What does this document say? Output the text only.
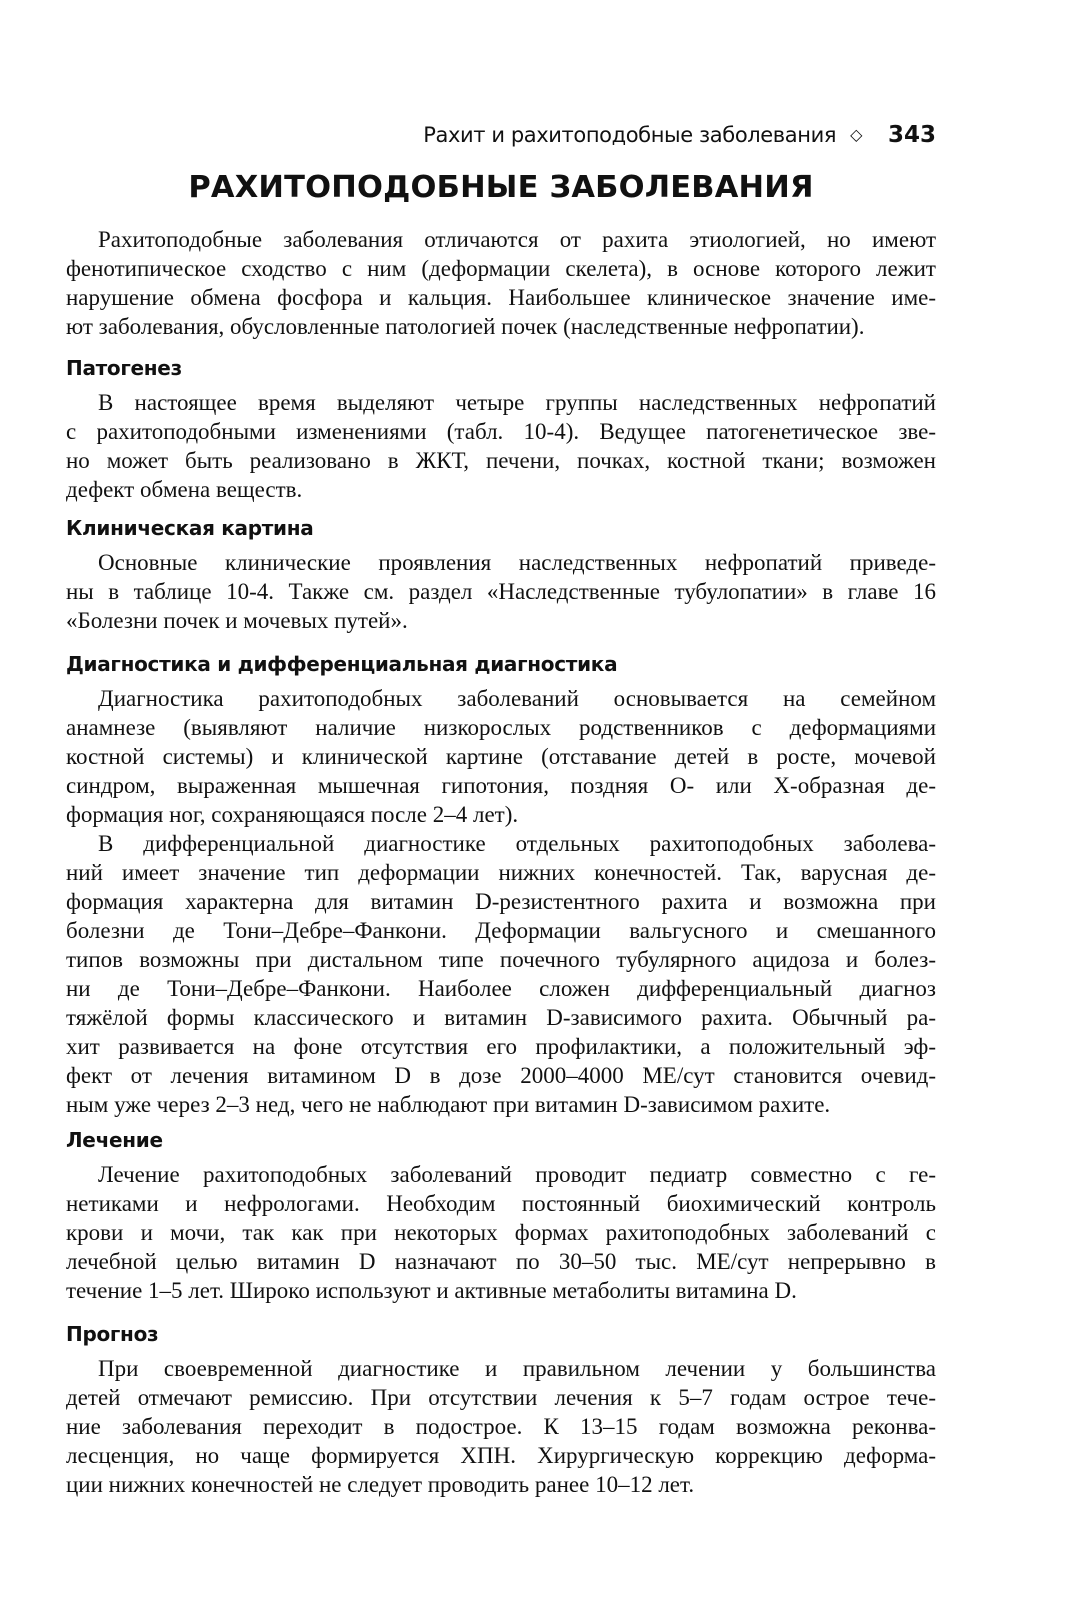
Рахит и рахитоподобные заболевания ◇ 343
РАХИТОПОДОБНЫЕ ЗАБОЛЕВАНИЯ

Рахитоподобные заболевания отличаются от рахита этиологией, но имеют
фенотипическое сходство с ним (деформации скелета), в основе которого лежит
нарушение обмена фосфора и кальция. Наибольшее клиническое значение име-
ют заболевания, обусловленные патологией почек (наследственные нефропатии).

Патогенез

В настоящее время выделяют четыре группы наследственных нефропатий
с рахитоподобными изменениями (табл. 10-4). Ведущее патогенетическое зве-
но может быть реализовано в ЖКТ, печени, почках, костной ткани; возможен
дефект обмена веществ.

Клиническая картина

Основные клинические проявления наследственных нефропатий приведе-
ны в таблице 10-4. Также см. раздел «Наследственные тубулопатии» в главе 16
«Болезни почек и мочевых путей».

Диагностика и дифференциальная диагностика

Диагностика рахитоподобных заболеваний основывается на семейном
анамнезе (выявляют наличие низкорослых родственников с деформациями
костной системы) и клинической картине (отставание детей в росте, мочевой
синдром, выраженная мышечная гипотония, поздняя О- или Х-образная де-
формация ног, сохраняющаяся после 2–4 лет).

В дифференциальной диагностике отдельных рахитоподобных заболева-
ний имеет значение тип деформации нижних конечностей. Так, варусная де-
формация характерна для витамин D-резистентного рахита и возможна при
болезни де Тони–Дебре–Фанкони. Деформации вальгусного и смешанного
типов возможны при дистальном типе почечного тубулярного ацидоза и болез-
ни де Тони–Дебре–Фанкони. Наиболее сложен дифференциальный диагноз
тяжёлой формы классического и витамин D-зависимого рахита. Обычный ра-
хит развивается на фоне отсутствия его профилактики, а положительный эф-
фект от лечения витамином D в дозе 2000–4000 МЕ/сут становится очевид-
ным уже через 2–3 нед, чего не наблюдают при витамин D-зависимом рахите.

Лечение

Лечение рахитоподобных заболеваний проводит педиатр совместно с ге-
нетиками и нефрологами. Необходим постоянный биохимический контроль
крови и мочи, так как при некоторых формах рахитоподобных заболеваний с
лечебной целью витамин D назначают по 30–50 тыс. МЕ/сут непрерывно в
течение 1–5 лет. Широко используют и активные метаболиты витамина D.

Прогноз

При своевременной диагностике и правильном лечении у большинства
детей отмечают ремиссию. При отсутствии лечения к 5–7 годам острое тече-
ние заболевания переходит в подострое. К 13–15 годам возможна реконва-
лесценция, но чаще формируется ХПН. Хирургическую коррекцию деформа-
ции нижних конечностей не следует проводить ранее 10–12 лет.
